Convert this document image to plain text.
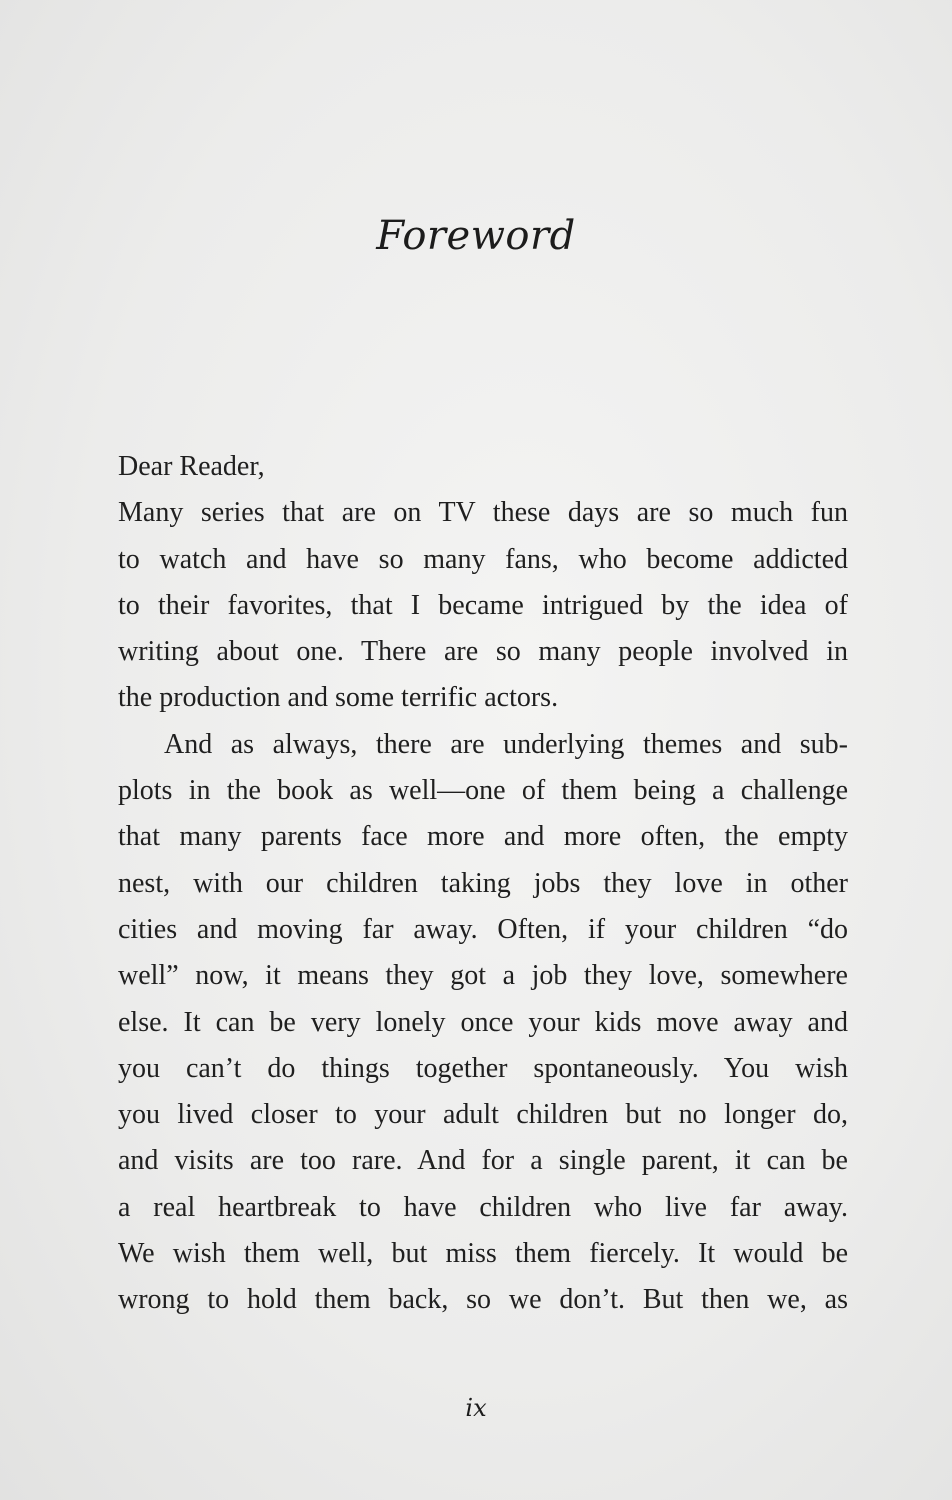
Foreword
Dear Reader,
Many series that are on TV these days are so much fun
to watch and have so many fans, who become addicted
to their favorites, that I became intrigued by the idea of
writing about one. There are so many people involved in
the production and some terrific actors.
And as always, there are underlying themes and sub-
plots in the book as well—one of them being a challenge
that many parents face more and more often, the empty
nest, with our children taking jobs they love in other
cities and moving far away. Often, if your children “do
well” now, it means they got a job they love, somewhere
else. It can be very lonely once your kids move away and
you can’t do things together spontaneously. You wish
you lived closer to your adult children but no longer do,
and visits are too rare. And for a single parent, it can be
a real heartbreak to have children who live far away.
We wish them well, but miss them fiercely. It would be
wrong to hold them back, so we don’t. But then we, as
ix
